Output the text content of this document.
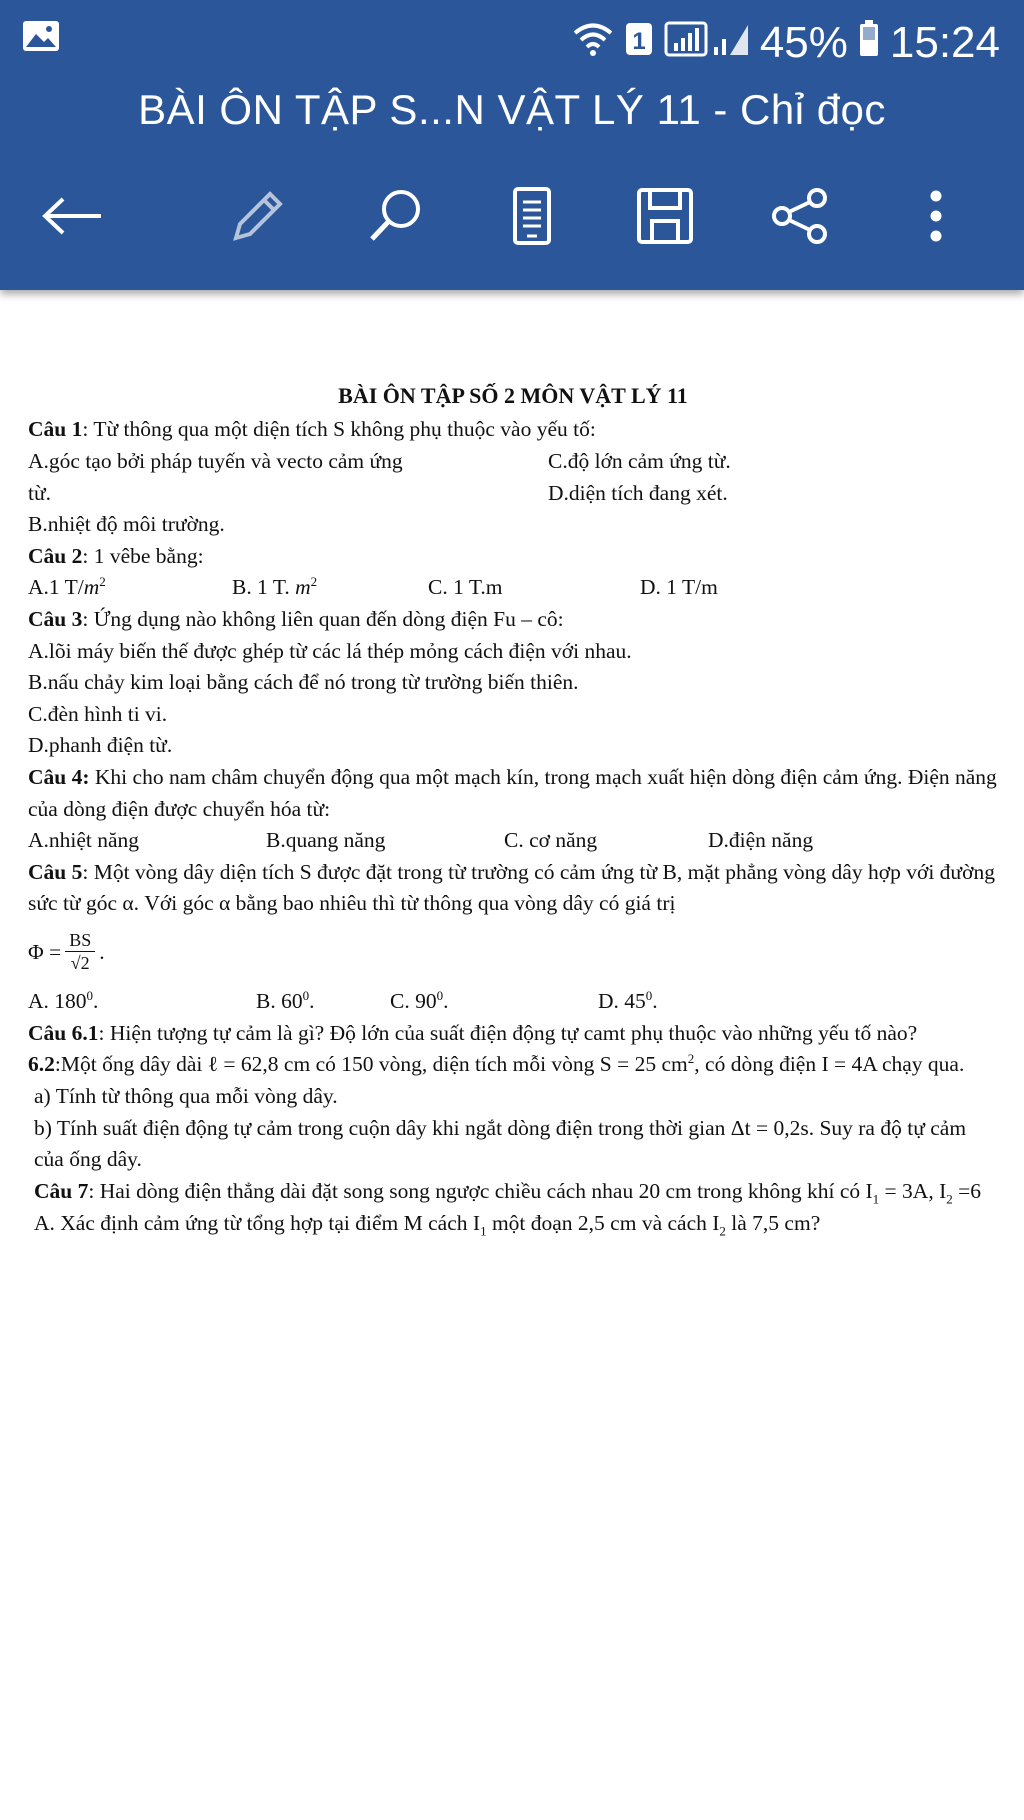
1	45% 15:24
BÀI ÔN TẬP S...N VẬT LÝ 11 - Chỉ đọc
BÀI ÔN TẬP SỐ 2 MÔN VẬT LÝ 11
Câu 1: Từ thông qua một diện tích S không phụ thuộc vào yếu tố:
A.góc tạo bởi pháp tuyến và vecto cảm ứng	C.độ lớn cảm ứng từ.
từ.	D.diện tích đang xét.
B.nhiệt độ môi trường.
Câu 2: 1 vêbe bằng:
A.1 $T/m^2$	B. 1 T. $m^2$	C. 1 T.m	D. 1 T/m
Câu 3: Ứng dụng nào không liên quan đến dòng điện Fu – cô:
A.lõi máy biến thế được ghép từ các lá thép mỏng cách điện với nhau.
B.nấu chảy kim loại bằng cách để nó trong từ trường biến thiên.
C.đèn hình ti vi.
D.phanh điện từ.
Câu 4: Khi cho nam châm chuyển động qua một mạch kín, trong mạch xuất hiện dòng điện cảm ứng. Điện năng của dòng điện được chuyển hóa từ:
A.nhiệt năng	B.quang năng	C. cơ năng	D.điện năng
Câu 5: Một vòng dây diện tích S được đặt trong từ trường có cảm ứng từ B, mặt phẳng vòng dây hợp với đường sức từ góc α. Với góc α bằng bao nhiêu thì từ thông qua vòng dây có giá trị
$\Phi = \frac{BS}{√2}$ .
A. $180^0$.	B. $60^0$.	C. $90^0$.	D. $45^0$.
Câu 6.1: Hiện tượng tự cảm là gì? Độ lớn của suất điện động tự camt phụ thuộc vào những yếu tố nào?
6.2:Một ống dây dài ℓ = 62,8 cm có 150 vòng, diện tích mỗi vòng S = 25 $cm^2$, có dòng điện I = 4A chạy qua.
a) Tính từ thông qua mỗi vòng dây.
b) Tính suất điện động tự cảm trong cuộn dây khi ngắt dòng điện trong thời gian Δt = 0,2s. Suy ra độ tự cảm của ống dây.
Câu 7: Hai dòng điện thẳng dài đặt song song ngược chiều cách nhau 20 cm trong không khí có $I_1 = 3A$, $I_2 =6$ A. Xác định cảm ứng từ tổng hợp tại điểm M cách $I_1$ một đoạn 2,5 cm và cách $I_2$ là 7,5 cm?
